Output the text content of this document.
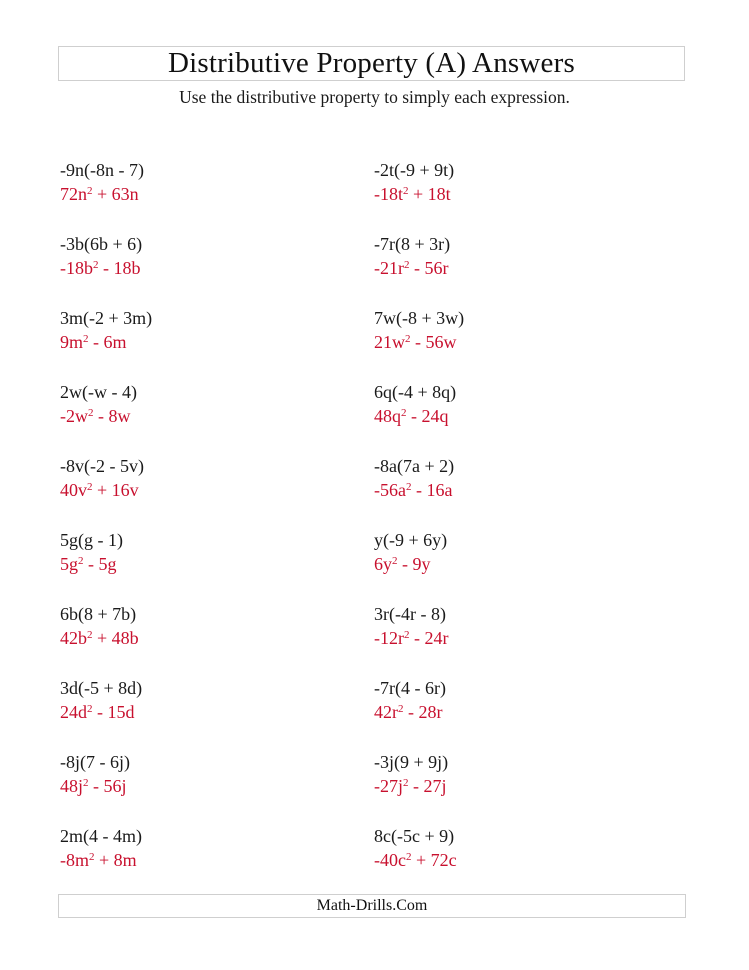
Distributive Property (A) Answers
Use the distributive property to simply each expression.
-9n(-8n - 7)
$72n^2 + 63n$
-3b(6b + 6)
$-18b^2 - 18b$
3m(-2 + 3m)
$9m^2 - 6m$
2w(-w - 4)
$-2w^2 - 8w$
-8v(-2 - 5v)
$40v^2 + 16v$
5g(g - 1)
$5g^2 - 5g$
6b(8 + 7b)
$42b^2 + 48b$
3d(-5 + 8d)
$24d^2 - 15d$
-8j(7 - 6j)
$48j^2 - 56j$
2m(4 - 4m)
$-8m^2 + 8m$
-2t(-9 + 9t)
$-18t^2 + 18t$
-7r(8 + 3r)
$-21r^2 - 56r$
7w(-8 + 3w)
$21w^2 - 56w$
6q(-4 + 8q)
$48q^2 - 24q$
-8a(7a + 2)
$-56a^2 - 16a$
y(-9 + 6y)
$6y^2 - 9y$
3r(-4r - 8)
$-12r^2 - 24r$
-7r(4 - 6r)
$42r^2 - 28r$
-3j(9 + 9j)
$-27j^2 - 27j$
8c(-5c + 9)
$-40c^2 + 72c$
Math-Drills.Com
